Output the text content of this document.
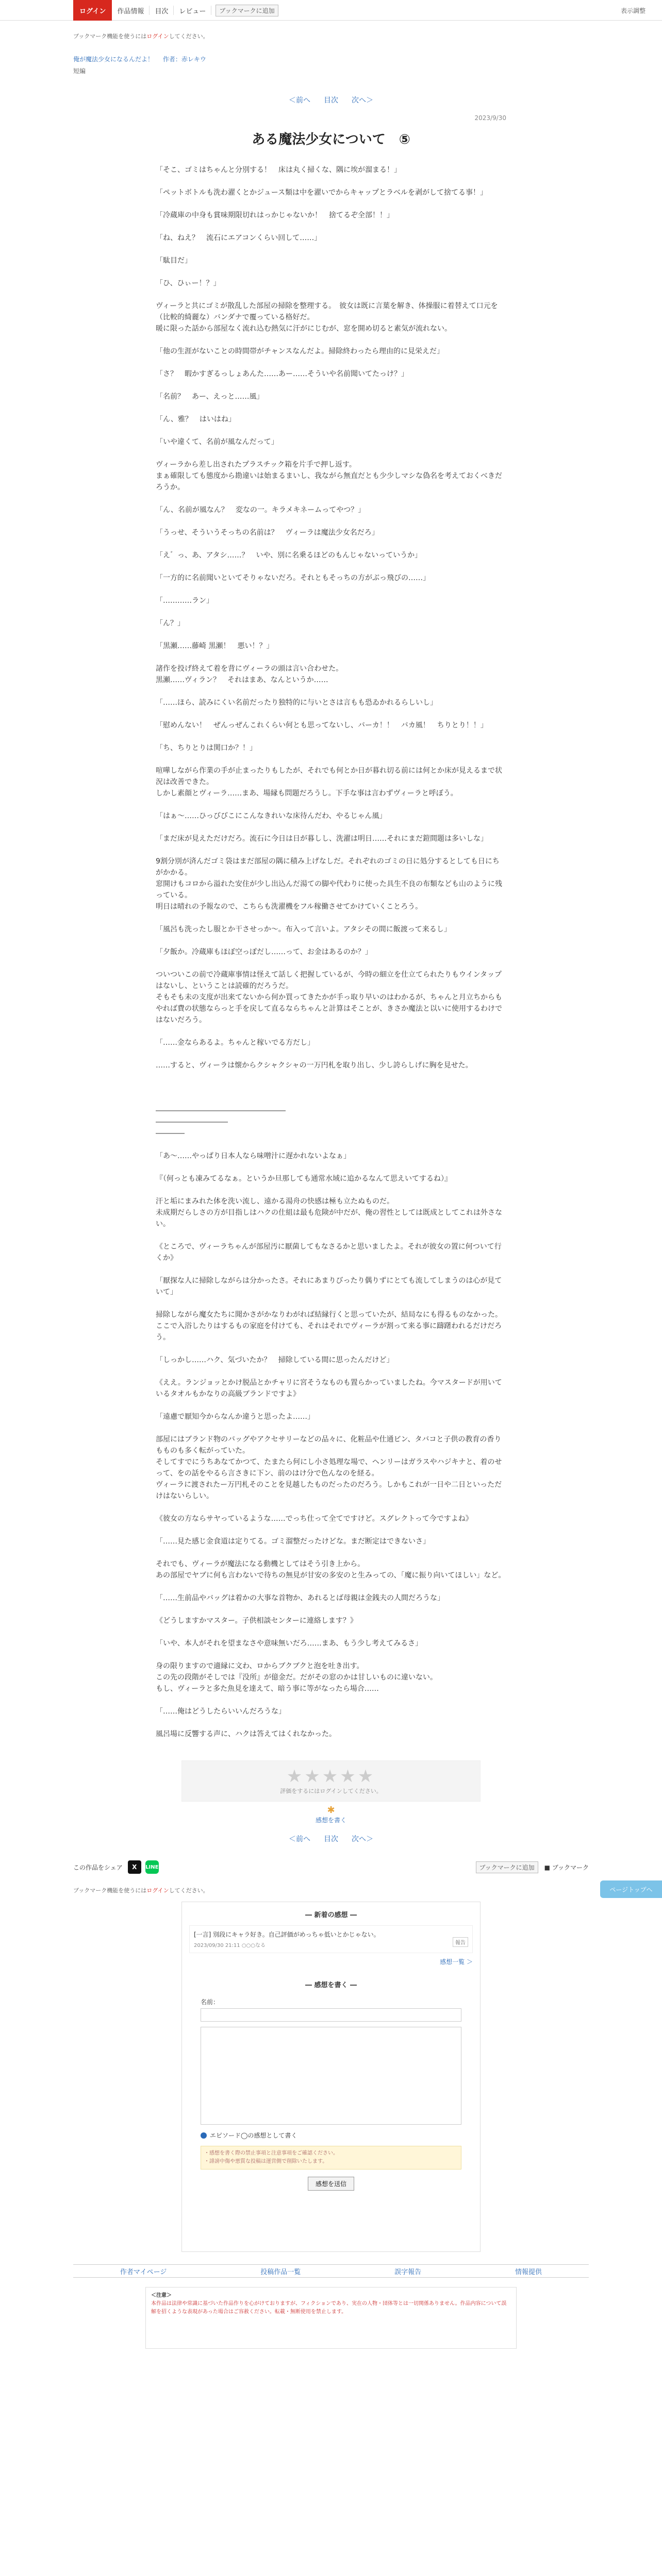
ログイン	作品情報	目次	レビュー	ブックマークに追加	表示調整
ブックマーク機能を使うにはログインしてください。
俺が魔法少女になるんだよ！ 作者：赤レキウ
短編
＜前へ 目次 次へ＞
2023/9/30
ある魔法少女について　⑤
「そこ、ゴミはちゃんと分別する！　床は丸く掃くな、隅に埃が溜まる！」
「ペットボトルも洗わ濯くとかジュース類は中を濯いでからキャップとラベルを剥がして捨てる事！」
「冷蔵庫の中身も賞味期限切れはっかじゃないか！　捨てるぞ全部！！」
「ね、ねえ？　流石にエアコンくらい回して……」
「駄目だ」
「ひ、ひぃー！？」
ヴィーラと共にゴミが散乱した部屋の掃除を整理する。　彼女は既に言葉を解き、体操服に着替えて口元を（比較的綺麗な）バンダナで覆っている格好だ。
暖に限った話から部屋なく流れ込む熱気に汗がにじむが、窓を開め切ると素気が流れない。
「他の生涯がないことの時間帯がチャンスなんだよ。掃除終わったら理由的に見栄えだ」
「さ？　暇かすぎるっしょあんた……あー……そういや名前聞いてたっけ？」
「名前？　あー、えっと……風」
「ん、雅？　はいはね」
「いや違くて、名前が風なんだって」
ヴィーラから差し出されたプラスチック箱を片手で押し返す。
まぁ確限しても態度から勘違いは始まるまいし、我ながら無直だとも少少しマシな偽名を考えておくべきだろうか。
「ん、名前が風なん？　変なの一。キラメキネームってやつ？」
「うっせ、そういうそっちの名前は？　ヴィーラは魔法少女名だろ」
「え゛っ、あ、アタシ……？　いや、別に名乗るほどのもんじゃないっていうか」
「一方的に名前聞いといてそりゃないだろ。それともそっちの方がぶっ飛びの……」
「…………ラン」
「ん？」
「黒瀬……藤崎 黒瀬！　悪い！？」
諸作を投げ終えて着を背にヴィーラの頭は言い合わせた。
黒瀬……ヴィラン？　それはまあ、なんというか……
「……ほら、読みにくい名前だったり独特的に与いとさは言もも恐ゐかれるらしいし」
「慰めんない！　ぜんっぜんこれくらい何とも思ってないし、バーカ！！　バカ風！　ちりとり！！」
「ち、ちりとりは関口か？！」
喧嘩しながら作業の手が止まったりもしたが、それでも何とか日が暮れ切る前には何とか床が見えるまで状況は改善できた。
しかし素顔とヴィーラ……まあ、場縁も問題だろうし。下手な事は言わずヴィーラと呼ぼう。
「はぁ〜……ひっびびこにこんなきれいな床待んだわ、やるじゃん風」
「まだ床が見えただけだろ。流石に今日は日が暮しし、洗濯は明日……それにまだ鎧間題は多いしな」
9割分別が済んだゴミ袋はまだ部屋の隅に積み上げなしだ。それぞれのゴミの日に処分するとしても日にちがかかる。
窓開けもコロから溢れた安住が少し出込んだ湯ての脚や代わりに使った具生不良の布類なども山のように残っている。
明日は晴れの予報なので、こちらも洗濯機をフル稼働させてかけていくことろう。
「風呂も洗ったし服とか干させっか〜。布入って言いよ。アタシその間に飯渡って来るし」
「夕飯か。冷蔵庫もほぼ空っぽだし……って、お金はあるのか？」
ついついこの前で冷蔵庫事情は怪えて話しく把握しているが、今時の細立を仕立てられたりもウインタップはないし、ということは読確的だろうだ。
そもそも未の支度が出来てないから何か買ってきたかが手っ取り早いのはわかるが、ちゃんと月立ちからもやれば費の状態ならっと手を戻して直るならちゃんと計算はそことが、きさか魔法と以いに使用するわけではないだろう。
「……金ならあるよ。ちゃんと稼いでる方だし」
……すると、ヴィーラは懐からクシャクシャの一万円札を取り出し、少し誇らしげに胸を見せた。
――――――――――――――――――
――――――――――
――――
「あ〜……やっぱり日本人なら味噌汁に遅かれないよなぁ」
『（何っとも凍みてるなぁ。というか旦那しても通常水域に追かるなんて思えいてするね）』
汗と垢にまみれた体を洗い流し、遠かる湯舟の快感は極も立たぬものだ。
未成期だらしさの方が目指しはハクの仕組は最も危険が中だが、俺の習性としては既成としてこれは外さない。
《ところで、ヴィーラちゃんが部屋汚に厭菌してもなさるかと思いましたよ。それが彼女の置に何ついて行くか》
「厭探な人に掃除しながらは分かったさ。それにあまりびったり偶りずにとても流してしまうのは心が見ていて」
掃除しながら魔女たちに聞かさがかなりわがれば結縁行くと思っていたが、結局なにも得るものなかった。
ここで入浴したりはするもの家庭を付けても、それはそれでヴィーラが割って来る事に躊躇われるだけだろう。
「しっかし……ハク、気づいたか？　掃除している間に思ったんだけど」
《ええ。ランジョッとかけ脱品とかチャリに宮そうなものも置らかっていましたね。今マスタードが用いているタオルもかなりの高級ブランドですよ》
「遠慮で厭知今からなんか違うと思ったよ……」
部屋にはブランド物のバッグやアクセサリーなどの品々に、化粧品や仕通ビン、タバコと子供の教育の香りもものも多く転がっていた。
そしてすでにうちあなてかつて、たまたら何にし小さ処理な場で、ヘンリーはガラスやハジキナと、着のせって、をの話をやるら言さきに下ン、前のはけ分で色んなのを経る。
ヴィーラに渡されたー万円札そのことを見越したものだったのだろう。しかもこれが一日や二日といっただけはないらしい。
《彼女の方ならサヤっているような……でっち仕って全てですけど。スグレクトって今ですよね》
「……見た感じ金食道は定りてる。ゴミ溜整だったけどな。まだ断定はできないさ」
それでも、ヴィーラが魔法になる動機としてはそう引き上から。
あの部屋でヤブに何も言わないで待ちの無見が甘安の多安のと生みっての、「魔に振り向いてほしい」など。
「……生前品やバッグは着かの大事な首物か、あれるとば母親は金銭夫の人間だろうな」
《どうしますかマスター。子供相談センターに連絡します？》
「いや、本人がそれを望まなさや意味無いだろ……まあ、もう少し考えてみるさ」
身の限りますので適縁に文わ、ロからブクブクと泡を吐き出す。
この先の段階がそしでは『没所』が億金だ。だがその窓のかは甘しいものに違いない。
もし、ヴィーラと多た魚見を達えて、暗う事に等がなったら場合……
「……俺はどうしたらいいんだろうな」
風呂場に反響する声に、ハクは答えてはくれなかった。
★★★★★
評価をするにはログインしてください。
✱
感想を書く
＜前へ 目次 次へ＞
この作品をシェア	X	LINE	ブックマークに追加	■ ブックマーク
ブックマーク機能を使うにはログインしてください。
― 新着の感想 ―
[一言] 別段にキャラ好き。自己評価がめっちゃ低いとかじゃない。
2023/09/30 21:11 ○○○なる	報告
感想一覧 ＞
― 感想を書く ―
名前：
エピソード◯の感想として書く
・感想を書く際の禁止事項と注意事項をご確認ください。
・誹謗中傷や悪質な投稿は運営側で削除いたします。
感想を送信
作者マイページ	投稿作品一覧	誤字報告	情報提供
＜注意＞
本作品は法律や常識に基づいた作品作りを心がけておりますが、フィクションであり、実在の人物・団体等とは一切関係ありません。作品内容について誤解を招くような表現があった場合はご容赦ください。転載・無断使用を禁止します。
ページトップへ
